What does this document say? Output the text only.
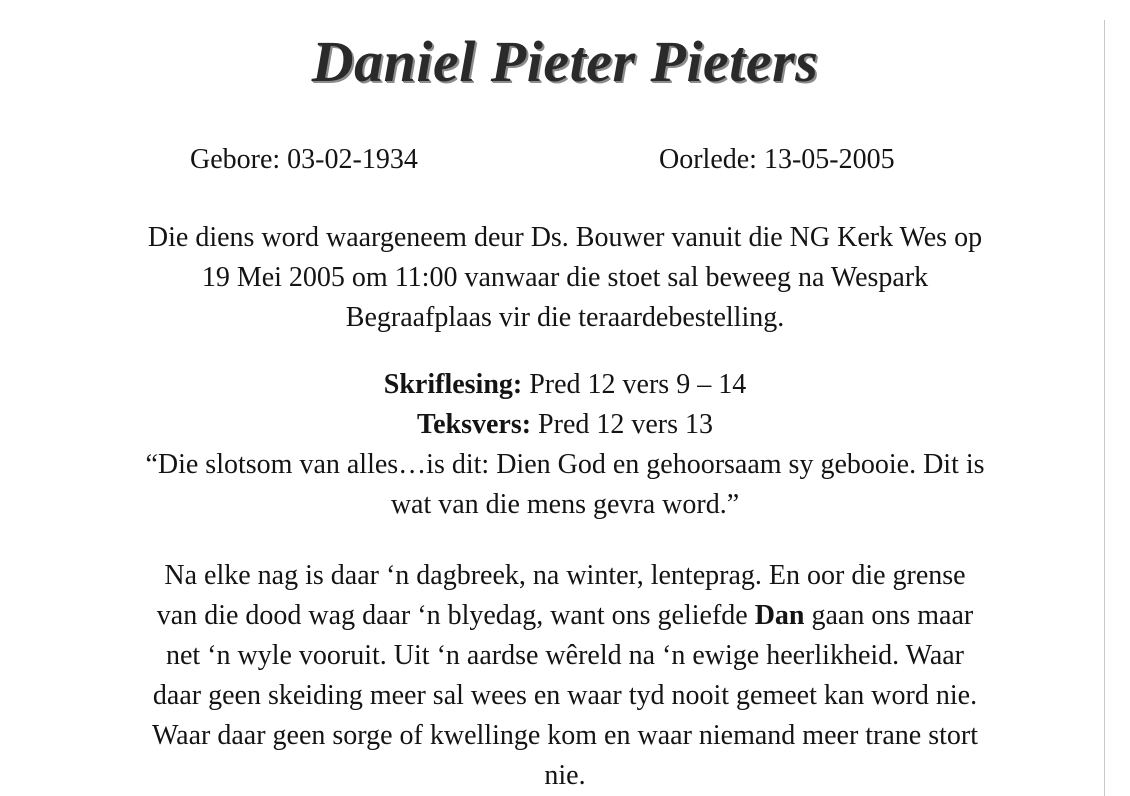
Daniel Pieter Pieters
Gebore: 03-02-1934	Oorlede: 13-05-2005
Die diens word waargeneem deur Ds. Bouwer vanuit die NG Kerk Wes op
19 Mei 2005 om 11:00 vanwaar die stoet sal beweeg na Wespark
Begraafplaas vir die teraardebestelling.
Skriflesing: Pred 12 vers 9 – 14
Teksvers: Pred 12 vers 13
“Die slotsom van alles…is dit: Dien God en gehoorsaam sy gebooie. Dit is
wat van die mens gevra word.”
Na elke nag is daar ‘n dagbreek, na winter, lenteprag. En oor die grense
van die dood wag daar ‘n blyedag, want ons geliefde Dan gaan ons maar
net ‘n wyle vooruit. Uit ‘n aardse wêreld na ‘n ewige heerlikheid. Waar
daar geen skeiding meer sal wees en waar tyd nooit gemeet kan word nie.
Waar daar geen sorge of kwellinge kom en waar niemand meer trane stort
nie.
